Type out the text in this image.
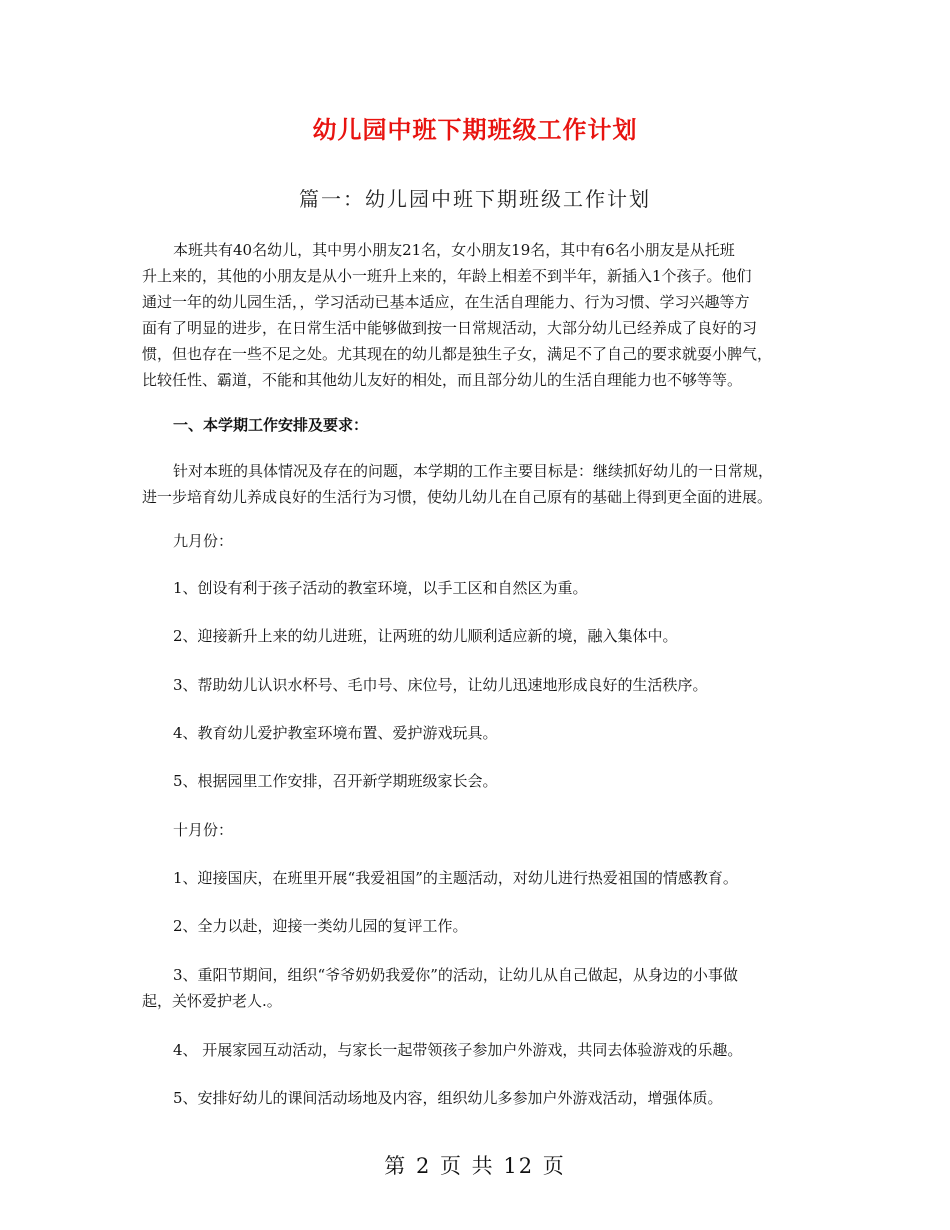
幼儿园中班下期班级工作计划
篇一：幼儿园中班下期班级工作计划
本班共有40名幼儿，其中男小朋友21名，女小朋友19名，其中有6名小朋友是从托班
升上来的，其他的小朋友是从小一班升上来的，年龄上相差不到半年，新插入1个孩子。他们
通过一年的幼儿园生活，，学习活动已基本适应，在生活自理能力、行为习惯、学习兴趣等方
面有了明显的进步，在日常生活中能够做到按一日常规活动，大部分幼儿已经养成了良好的习
惯，但也存在一些不足之处。尤其现在的幼儿都是独生子女，满足不了自己的要求就耍小脾气，
比较任性、霸道，不能和其他幼儿友好的相处，而且部分幼儿的生活自理能力也不够等等。
一、本学期工作安排及要求：
针对本班的具体情况及存在的问题，本学期的工作主要目标是：继续抓好幼儿的一日常规，
进一步培育幼儿养成良好的生活行为习惯，使幼儿幼儿在自己原有的基础上得到更全面的进展。
九月份：
1、创设有利于孩子活动的教室环境，以手工区和自然区为重。
2、迎接新升上来的幼儿进班，让两班的幼儿顺利适应新的境，融入集体中。
3、帮助幼儿认识水杯号、毛巾号、床位号，让幼儿迅速地形成良好的生活秩序。
4、教育幼儿爱护教室环境布置、爱护游戏玩具。
5、根据园里工作安排，召开新学期班级家长会。
十月份：
1、迎接国庆，在班里开展“我爱祖国”的主题活动，对幼儿进行热爱祖国的情感教育。
2、全力以赴，迎接一类幼儿园的复评工作。
3、重阳节期间，组织“爷爷奶奶我爱你”的活动，让幼儿从自己做起，从身边的小事做
起，关怀爱护老人.。
4、 开展家园互动活动，与家长一起带领孩子参加户外游戏，共同去体验游戏的乐趣。
5、安排好幼儿的课间活动场地及内容，组织幼儿多参加户外游戏活动，增强体质。
第 2 页 共 12 页
